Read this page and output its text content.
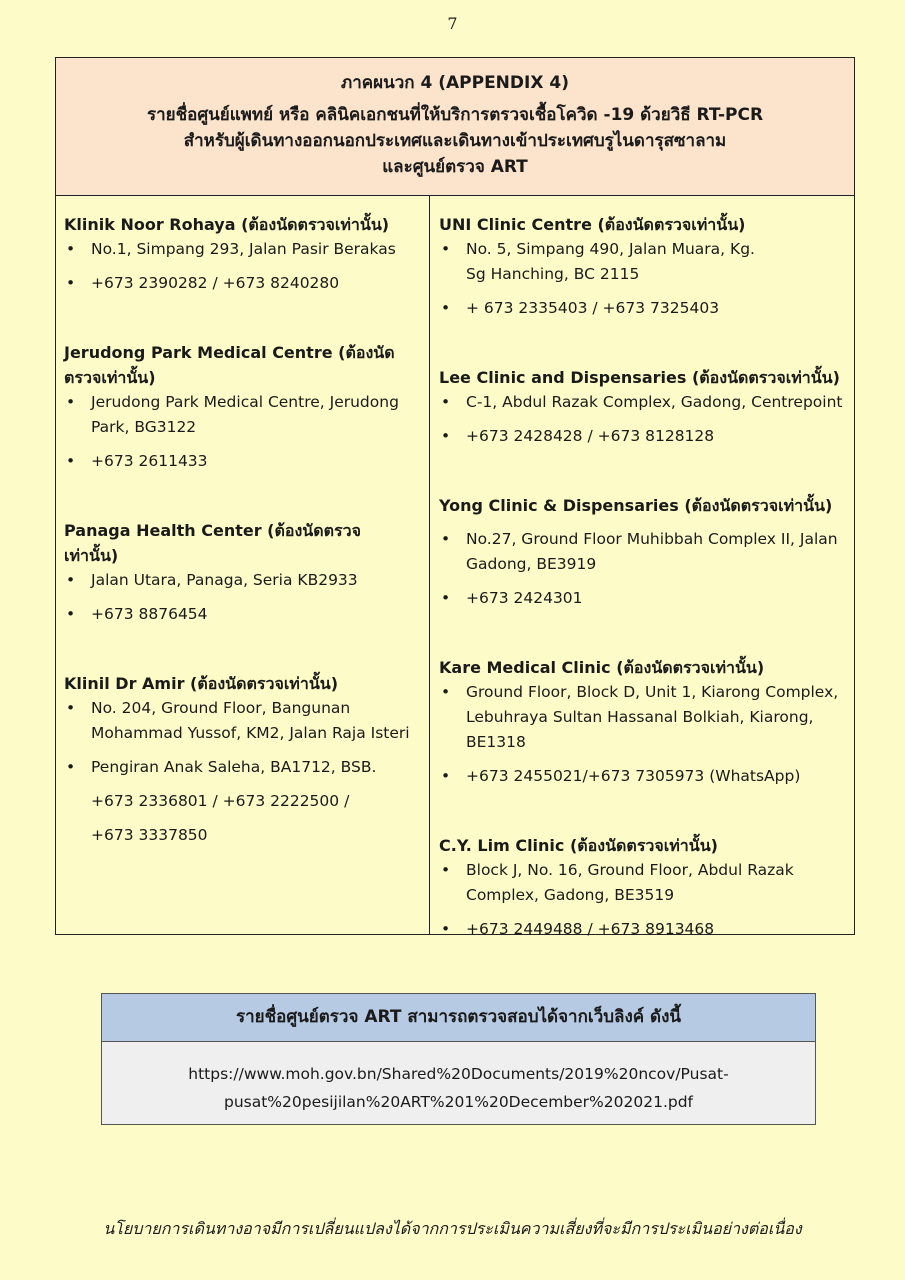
7
ภาคผนวก 4 (APPENDIX 4)
รายชื่อศูนย์แพทย์ หรือ คลินิคเอกชนที่ให้บริการตรวจเชื้อโควิด -19 ด้วยวิธี RT-PCR
สำหรับผู้เดินทางออกนอกประเทศและเดินทางเข้าประเทศบรูไนดารุสซาลาม
และศูนย์ตรวจ ART
Klinik Noor Rohaya (ต้องนัดตรวจเท่านั้น)
• No.1, Simpang 293, Jalan Pasir Berakas
• +673 2390282 / +673 8240280
Jerudong Park Medical Centre (ต้องนัดตรวจเท่านั้น)
• Jerudong Park Medical Centre, Jerudong Park, BG3122
• +673 2611433
Panaga Health Center (ต้องนัดตรวจเท่านั้น)
• Jalan Utara, Panaga, Seria KB2933
• +673 8876454
Klinil Dr Amir (ต้องนัดตรวจเท่านั้น)
• No. 204, Ground Floor, Bangunan Mohammad Yussof, KM2, Jalan Raja Isteri
• Pengiran Anak Saleha, BA1712, BSB.
+673 2336801 / +673 2222500 /
+673 3337850
UNI Clinic Centre (ต้องนัดตรวจเท่านั้น)
• No. 5, Simpang 490, Jalan Muara, Kg. Sg Hanching, BC 2115
• + 673 2335403 / +673 7325403
Lee Clinic and Dispensaries (ต้องนัดตรวจเท่านั้น)
• C-1, Abdul Razak Complex, Gadong, Centrepoint
• +673 2428428 / +673 8128128
Yong Clinic & Dispensaries (ต้องนัดตรวจเท่านั้น)
• No.27, Ground Floor Muhibbah Complex II, Jalan Gadong, BE3919
• +673 2424301
Kare Medical Clinic (ต้องนัดตรวจเท่านั้น)
• Ground Floor, Block D, Unit 1, Kiarong Complex, Lebuhraya Sultan Hassanal Bolkiah, Kiarong, BE1318
• +673 2455021/+673 7305973 (WhatsApp)
C.Y. Lim Clinic (ต้องนัดตรวจเท่านั้น)
• Block J, No. 16, Ground Floor, Abdul Razak Complex, Gadong, BE3519
• +673 2449488 / +673 8913468
รายชื่อศูนย์ตรวจ ART สามารถตรวจสอบได้จากเว็บลิงค์ ดังนี้
https://www.moh.gov.bn/Shared%20Documents/2019%20ncov/Pusat-
pusat%20pesijilan%20ART%201%20December%202021.pdf
นโยบายการเดินทางอาจมีการเปลี่ยนแปลงได้จากการประเมินความเสี่ยงที่จะมีการประเมินอย่างต่อเนื่อง
